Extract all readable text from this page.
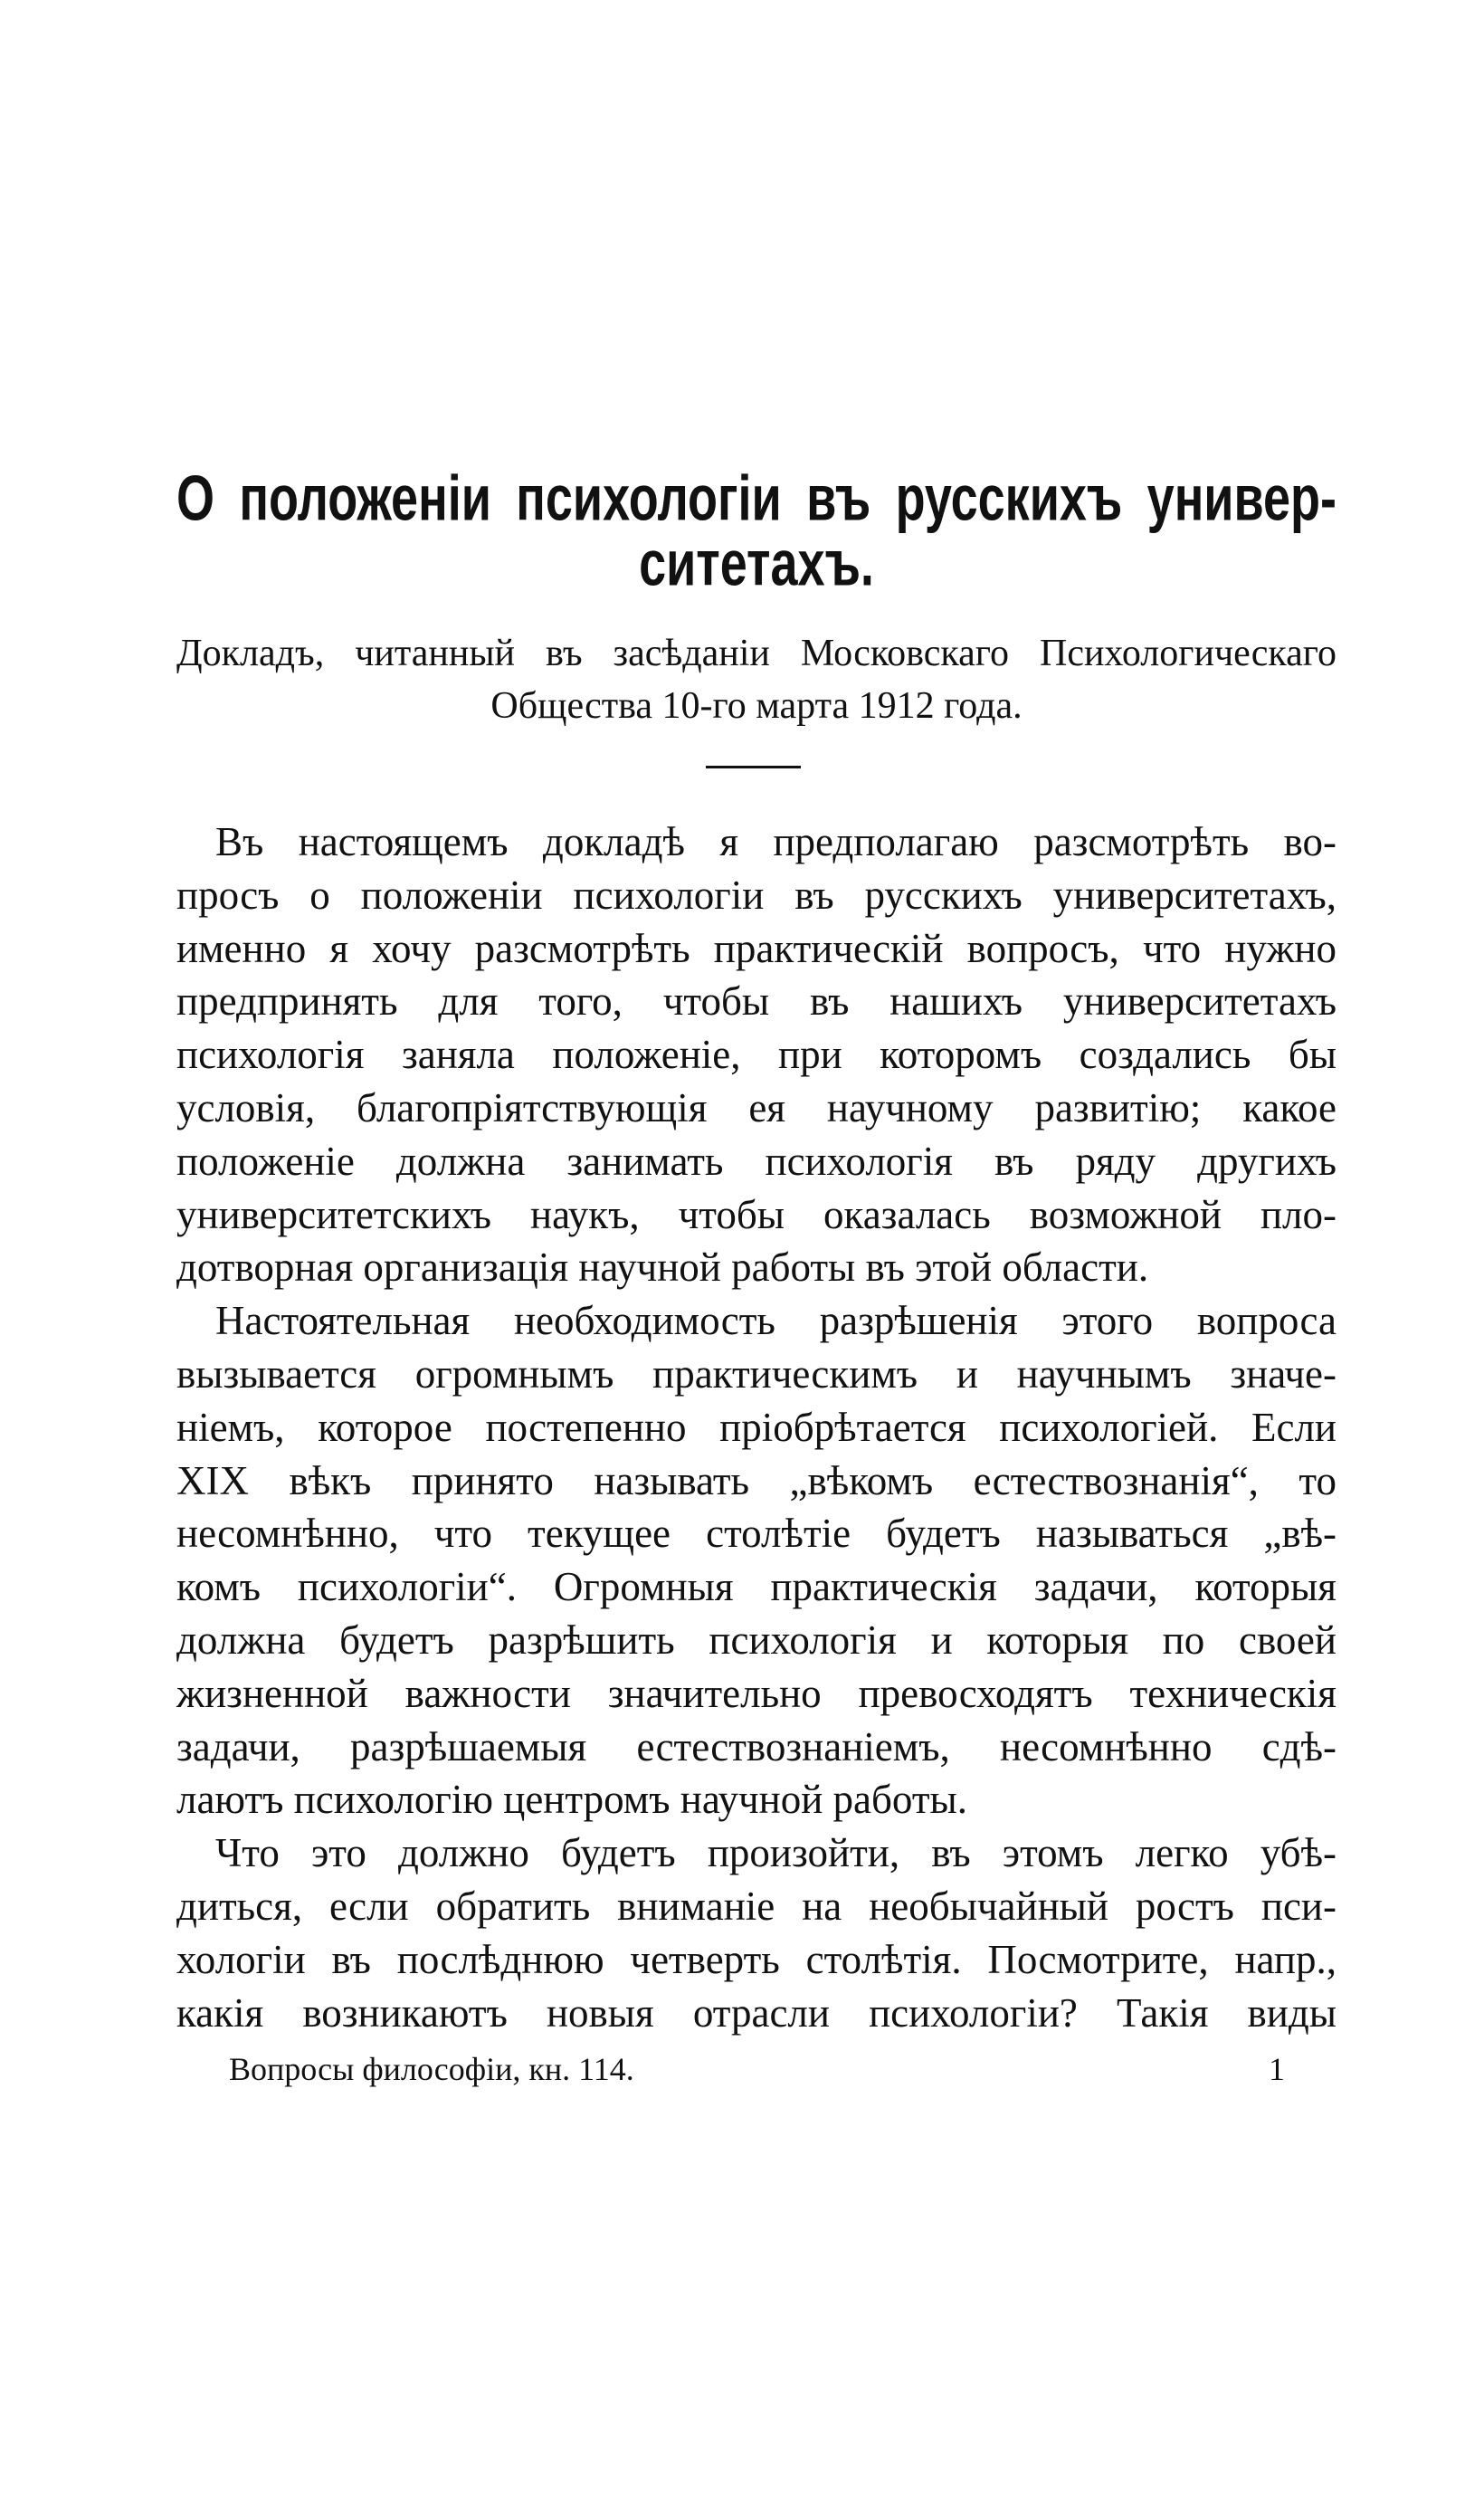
О положеніи психологіи въ русскихъ универ-
ситетахъ.
Докладъ, читанный въ засѣданіи Московскаго Психологическаго
Общества 10-го марта 1912 года.
Въ настоящемъ докладѣ я предполагаю разсмотрѣть во-
просъ о положеніи психологіи въ русскихъ университетахъ,
именно я хочу разсмотрѣть практическій вопросъ, что нужно
предпринять для того, чтобы въ нашихъ университетахъ
психологія заняла положеніе, при которомъ создались бы
условія, благопріятствующія ея научному развитію; какое
положеніе должна занимать психологія въ ряду другихъ
университетскихъ наукъ, чтобы оказалась возможной пло-
дотворная организація научной работы въ этой области.
Настоятельная необходимость разрѣшенія этого вопроса
вызывается огромнымъ практическимъ и научнымъ значе-
ніемъ, которое постепенно пріобрѣтается психологіей. Если
XIX вѣкъ принято называть „вѣкомъ естествознанія“, то
несомнѣнно, что текущее столѣтіе будетъ называться „вѣ-
комъ психологіи“. Огромныя практическія задачи, которыя
должна будетъ разрѣшить психологія и которыя по своей
жизненной важности значительно превосходятъ техническія
задачи, разрѣшаемыя естествознаніемъ, несомнѣнно сдѣ-
лаютъ психологію центромъ научной работы.
Что это должно будетъ произойти, въ этомъ легко убѣ-
диться, если обратить вниманіе на необычайный ростъ пси-
хологіи въ послѣднюю четверть столѣтія. Посмотрите, напр.,
какія возникаютъ новыя отрасли психологіи? Такія виды
Вопросы философіи, кн. 114.	1
